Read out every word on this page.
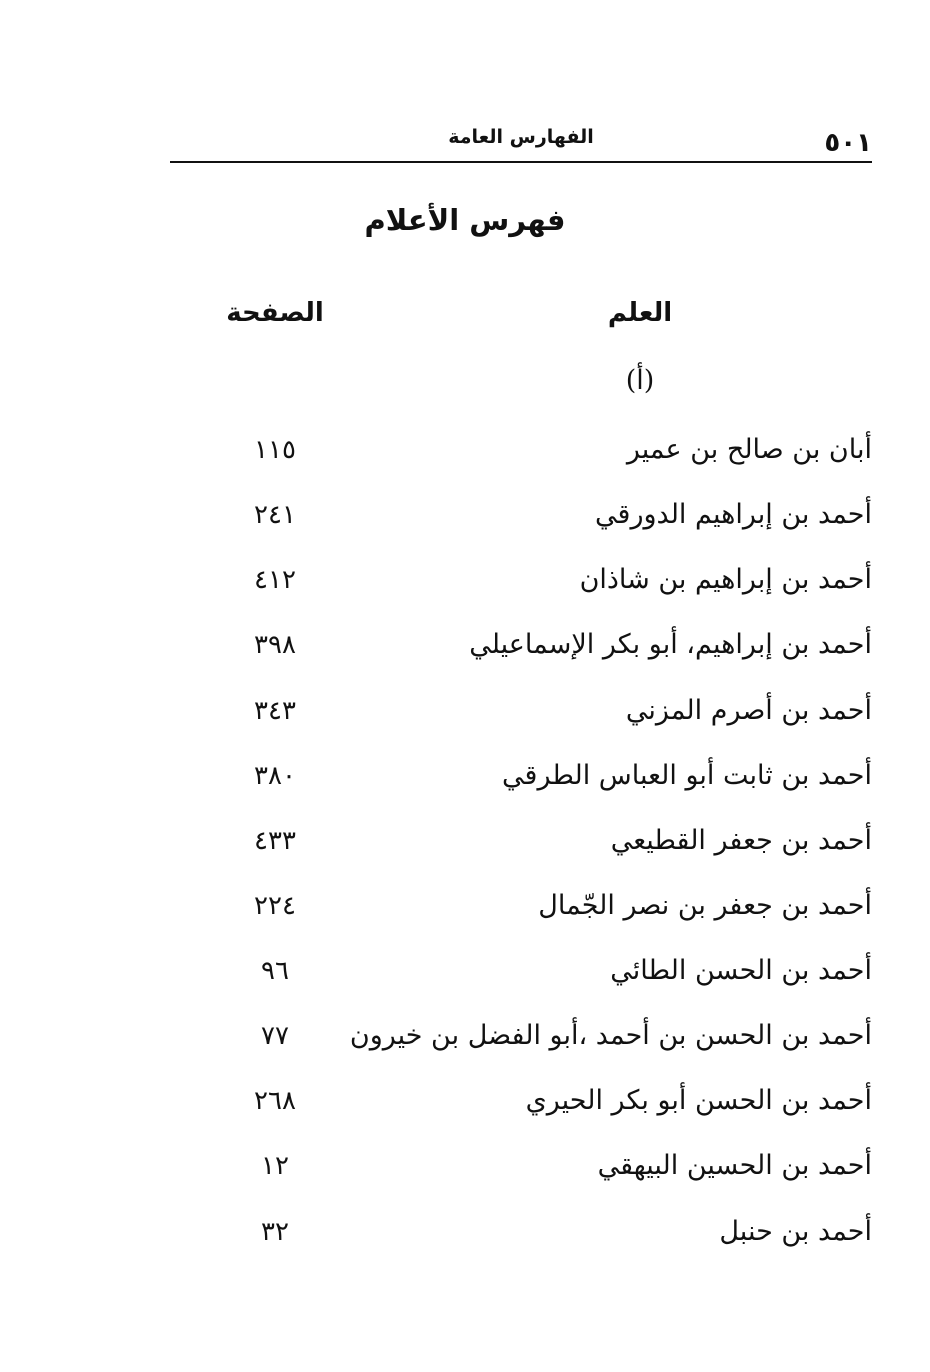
٥٠١
الفهارس العامة
فهرس الأعلام
العلم
الصفحة
(أ)
أبان بن صالح بن عمير
١١٥
أحمد بن إبراهيم الدورقي
٢٤١
أحمد بن إبراهيم بن شاذان
٤١٢
أحمد بن إبراهيم، أبو بكر الإسماعيلي
٣٩٨
أحمد بن أصرم المزني
٣٤٣
أحمد بن ثابت أبو العباس الطرقي
٣٨٠
أحمد بن جعفر القطيعي
٤٣٣
أحمد بن جعفر بن نصر الجّمال
٢٢٤
أحمد بن الحسن الطائي
٩٦
أحمد بن الحسن بن أحمد ،أبو الفضل بن خيرون
٧٧
أحمد بن الحسن أبو بكر الحيري
٢٦٨
أحمد بن الحسين البيهقي
١٢
أحمد بن حنبل
٣٢
